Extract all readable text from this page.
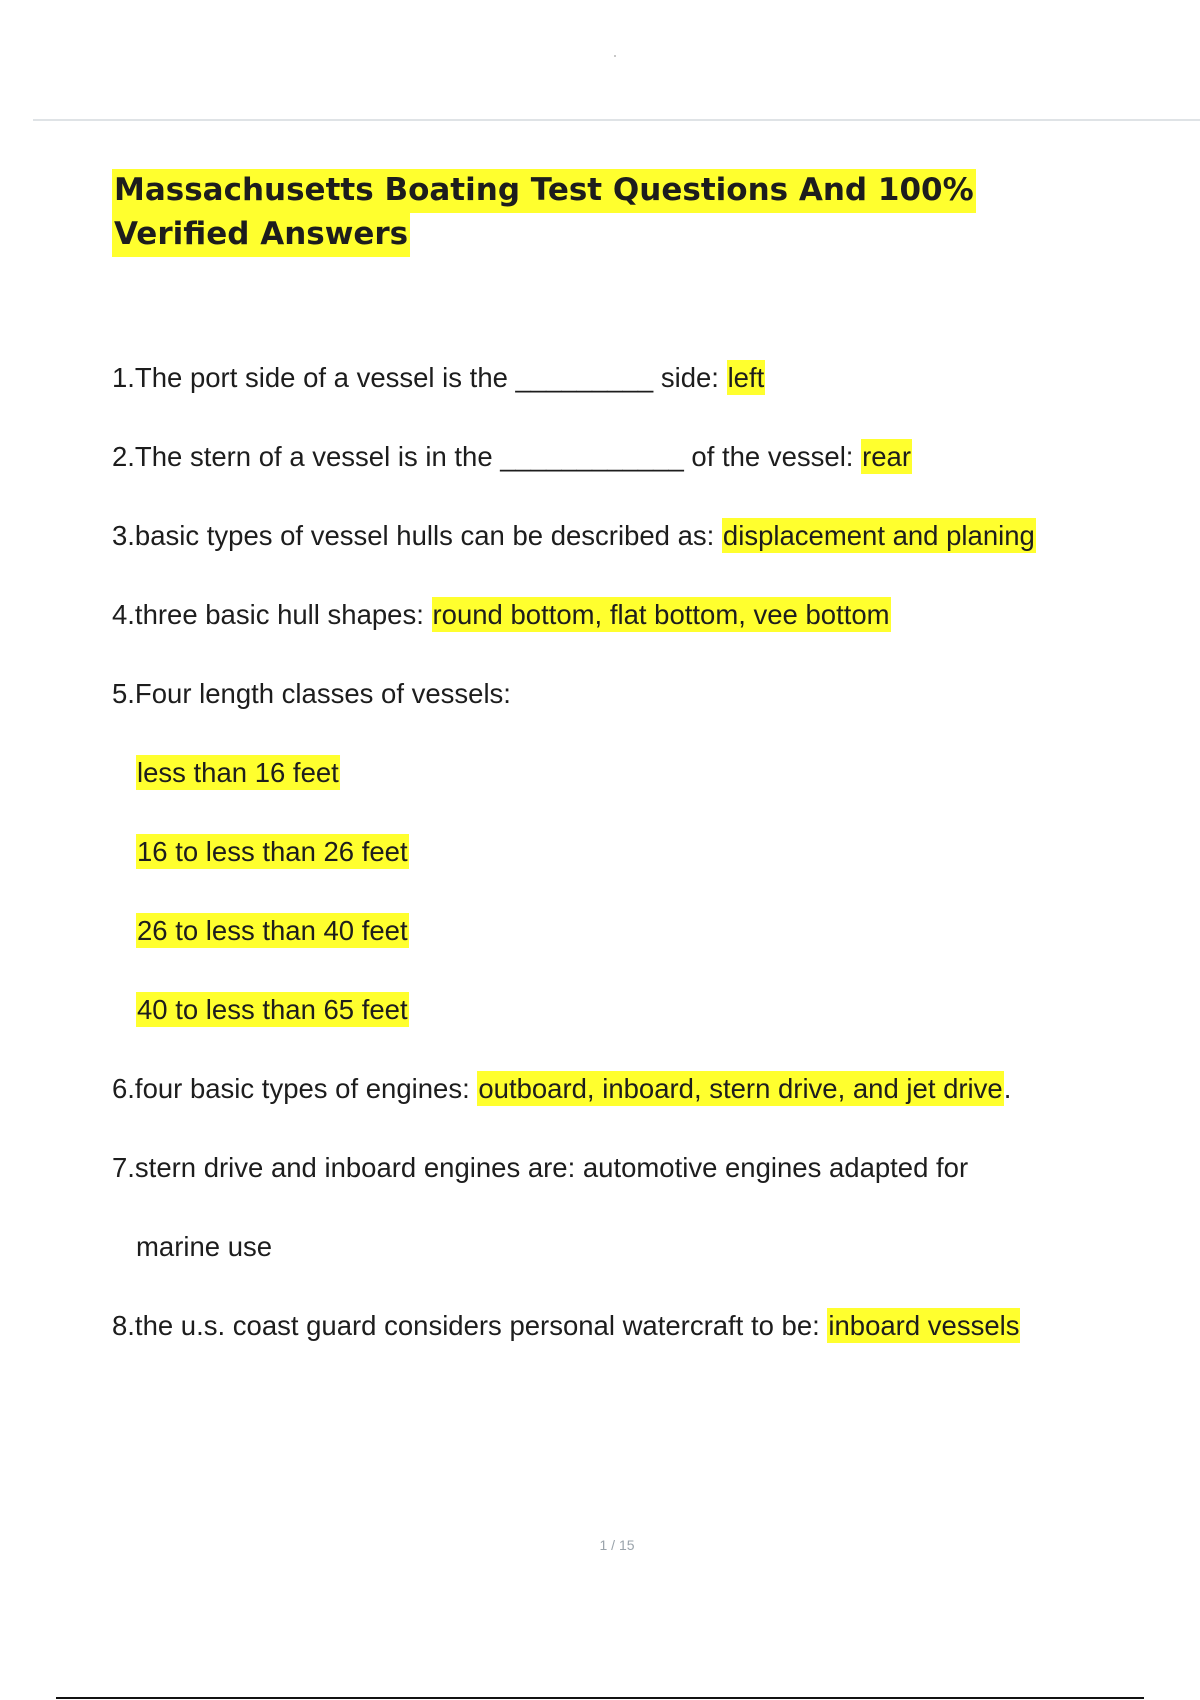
Massachusetts Boating Test Questions And 100% Verified Answers

1.The port side of a vessel is the _________ side: left

2.The stern of a vessel is in the ____________ of the vessel: rear

3.basic types of vessel hulls can be described as: displacement and planing

4.three basic hull shapes: round bottom, flat bottom, vee bottom

5.Four length classes of vessels:

less than 16 feet

16 to less than 26 feet

26 to less than 40 feet

40 to less than 65 feet

6.four basic types of engines: outboard, inboard, stern drive, and jet drive.

7.stern drive and inboard engines are: automotive engines adapted for

marine use

8.the u.s. coast guard considers personal watercraft to be: inboard vessels

1 / 15
